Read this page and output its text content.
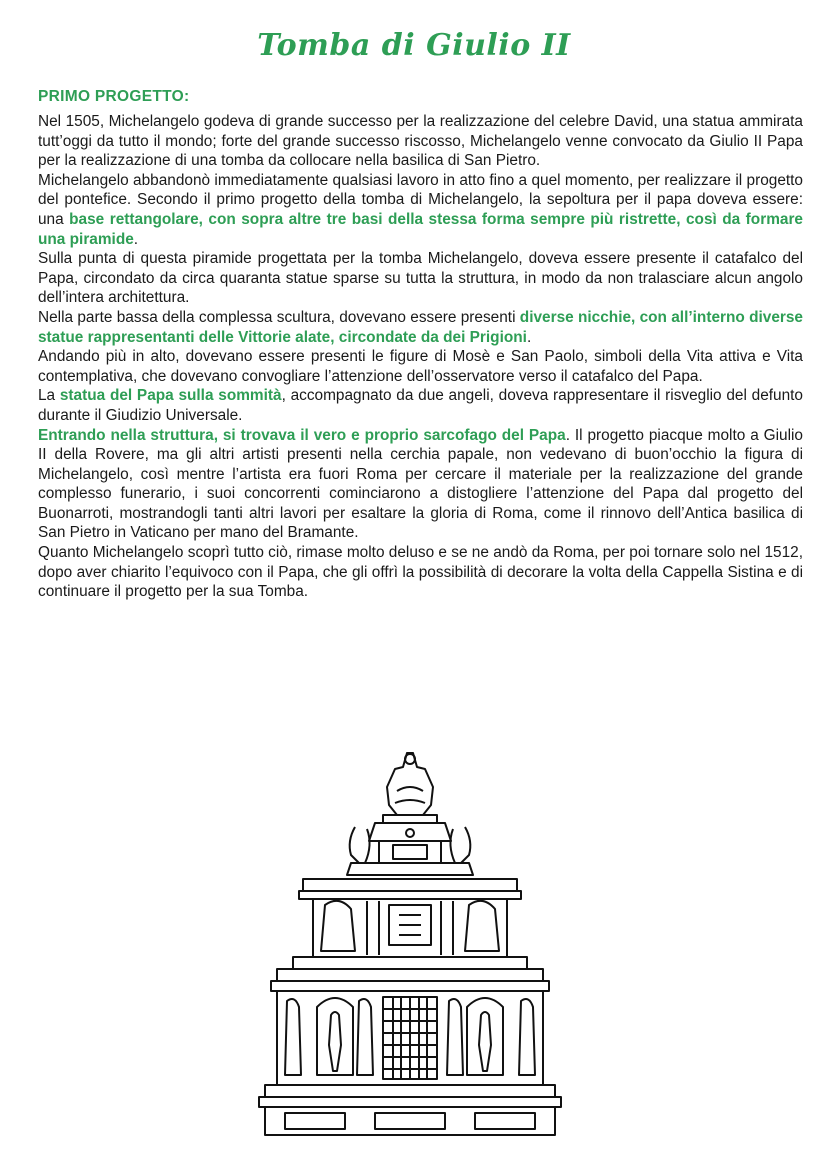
Tomba di Giulio II
PRIMO PROGETTO:

Nel 1505, Michelangelo godeva di grande successo per la realizzazione del celebre David, una statua ammirata tutt’oggi da tutto il mondo; forte del grande successo riscosso, Michelangelo venne convocato da Giulio II Papa per la realizzazione di una tomba da collocare nella basilica di San Pietro.

Michelangelo abbandonò immediatamente qualsiasi lavoro in atto fino a quel momento, per realizzare il progetto del pontefice. Secondo il primo progetto della tomba di Michelangelo, la sepoltura per il papa doveva essere: una base rettangolare, con sopra altre tre basi della stessa forma sempre più ristrette, così da formare una piramide.

Sulla punta di questa piramide progettata per la tomba Michelangelo, doveva essere presente il catafalco del Papa, circondato da circa quaranta statue sparse su tutta la struttura, in modo da non tralasciare alcun angolo dell’intera architettura.

Nella parte bassa della complessa scultura, dovevano essere presenti diverse nicchie, con all’interno diverse statue rappresentanti delle Vittorie alate, circondate da dei Prigioni.

Andando più in alto, dovevano essere presenti le figure di Mosè e San Paolo, simboli della Vita attiva e Vita contemplativa, che dovevano convogliare l’attenzione dell’osservatore verso il catafalco del Papa.

La statua del Papa sulla sommità, accompagnato da due angeli, doveva rappresentare il risveglio del defunto durante il Giudizio Universale.

Entrando nella struttura, si trovava il vero e proprio sarcofago del Papa. Il progetto piacque molto a Giulio II della Rovere, ma gli altri artisti presenti nella cerchia papale, non vedevano di buon’occhio la figura di Michelangelo, così mentre l’artista era fuori Roma per cercare il materiale per la realizzazione del grande complesso funerario, i suoi concorrenti cominciarono a distogliere l’attenzione del Papa dal progetto del Buonarroti, mostrandogli tanti altri lavori per esaltare la gloria di Roma, come il rinnovo dell’Antica basilica di San Pietro in Vaticano per mano del Bramante.

Quanto Michelangelo scoprì tutto ciò, rimase molto deluso e se ne andò da Roma, per poi tornare solo nel 1512, dopo aver chiarito l’equivoco con il Papa, che gli offrì la possibilità di decorare la volta della Cappella Sistina e di continuare il progetto per la sua Tomba.
